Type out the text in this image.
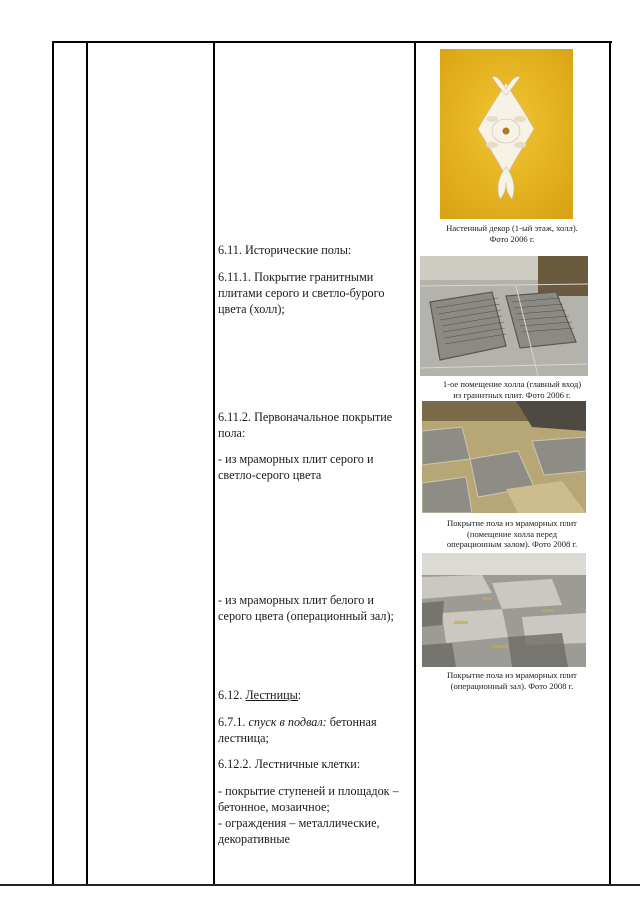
6.11. Исторические полы:
6.11.1. Покрытие гранитными
плитами серого и светло-бурого
цвета (холл);
6.11.2. Первоначальное покрытие
пола:
- из мраморных плит серого и
светло-серого цвета
- из мраморных плит белого и
серого цвета (операционный зал);
6.12. Лестницы:
6.7.1. спуск в подвал: бетонная
лестница;
6.12.2. Лестничные клетки:
- покрытие ступеней и площадок –
бетонное, мозаичное;
- ограждения – металлические,
декоративные
Настенный декор (1-ый этаж, холл).
Фото 2006 г.
1-ое помещение холла (главный вход)
из гранитных плит. Фото 2006 г.
Покрытие пола из мраморных плит
(помещение холла перед
операционным залом). Фото 2008 г.
Покрытие пола из мраморных плит
(операционный зал). Фото 2008 г.
